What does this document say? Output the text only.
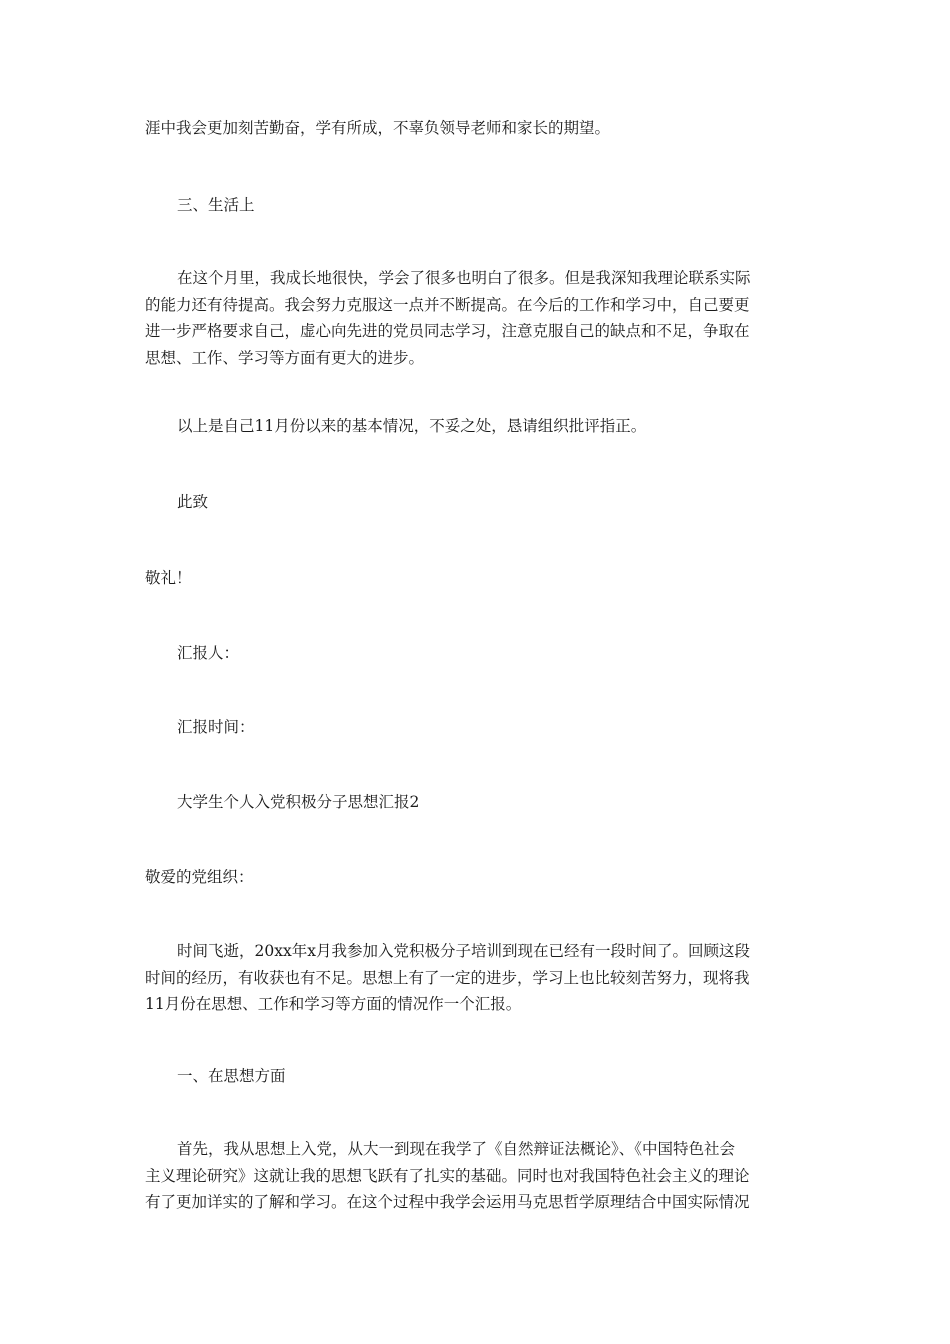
涯中我会更加刻苦勤奋，学有所成，不辜负领导老师和家长的期望。

三、生活上

在这个月里，我成长地很快，学会了很多也明白了很多。但是我深知我理论联系实际
的能力还有待提高。我会努力克服这一点并不断提高。在今后的工作和学习中，自己要更
进一步严格要求自己，虚心向先进的党员同志学习，注意克服自己的缺点和不足，争取在
思想、工作、学习等方面有更大的进步。

以上是自己11月份以来的基本情况，不妥之处，恳请组织批评指正。

此致

敬礼！

汇报人：

汇报时间：

大学生个人入党积极分子思想汇报2

敬爱的党组织：

时间飞逝，20xx年x月我参加入党积极分子培训到现在已经有一段时间了。回顾这段
时间的经历，有收获也有不足。思想上有了一定的进步，学习上也比较刻苦努力，现将我
11月份在思想、工作和学习等方面的情况作一个汇报。

一、在思想方面

首先，我从思想上入党，从大一到现在我学了《自然辩证法概论》、《中国特色社会
主义理论研究》这就让我的思想飞跃有了扎实的基础。同时也对我国特色社会主义的理论
有了更加详实的了解和学习。在这个过程中我学会运用马克思哲学原理结合中国实际情况
